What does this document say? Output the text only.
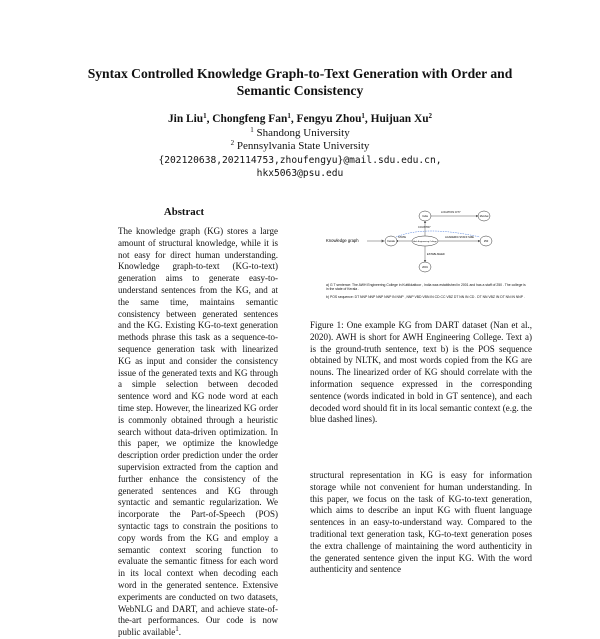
Syntax Controlled Knowledge Graph-to-Text Generation with Order and
Semantic Consistency
Jin Liu$^1$, Chongfeng Fan$^1$, Fengyu Zhou$^1$, Huijuan Xu$^2$
$^1$ Shandong University
$^2$ Pennsylvania State University
{202120638,202114753,zhoufengyu}@mail.sdu.edu.cn,
hkx5063@psu.edu
Abstract
The knowledge graph (KG) stores a large amount of structural knowledge, while it is not easy for direct human understanding. Knowledge graph-to-text (KG-to-text) generation aims to generate easy-to-understand sentences from the KG, and at the same time, maintains semantic consistency between generated sentences and the KG. Existing KG-to-text generation methods phrase this task as a sequence-to-sequence generation task with linearized KG as input and consider the consistency issue of the generated texts and KG through a simple selection between decoded sentence word and KG node word at each time step. However, the linearized KG order is commonly obtained through a heuristic search without data-driven optimization. In this paper, we optimize the knowledge description order prediction under the order supervision extracted from the caption and further enhance the consistency of the generated sentences and KG through syntactic and semantic regularization. We incorporate the Part-of-Speech (POS) syntactic tags to constrain the positions to copy words from the KG and employ a semantic context scoring function to evaluate the semantic fitness for each word in its local context when decoding each word in the generated sentence. Extensive experiments are conducted on two datasets, WebNLG and DART, and achieve state-of-the-art performances. Our code is now public available$^1$.
Knowledge graph
LOCATION CITY
COUNTRY
STATE	ACADEMIC STAFF SIZE
ESTABLISHED
India	Mumbai
Awh Engineering College
Kerala	250
2001
a) G T sentence: The AWH Engineering College in Kuttikkattoor , India was established in 2001 and has a staff of 250 . The college is in the state of Kerala .
b) POS sequence: DT NNP NNP NNP NNP IN NNP , NNP VBD VBN IN CD CC VBZ DT NN IN CD . DT NN VBZ IN DT NN IN NNP .
Figure 1: One example KG from DART dataset (Nan et al., 2020). AWH is short for AWH Engineering College. Text a) is the ground-truth sentence, text b) is the POS sequence obtained by NLTK, and most words copied from the KG are nouns. The linearized order of KG should correlate with the information sequence expressed in the corresponding sentence (words indicated in bold in GT sentence), and each decoded word should fit in its local semantic context (e.g. the blue dashed lines).
structural representation in KG is easy for information storage while not convenient for human understanding. In this paper, we focus on the task of KG-to-text generation, which aims to describe an input KG with fluent language sentences in an easy-to-understand way. Compared to the traditional text generation task, KG-to-text generation poses the extra challenge of maintaining the word authenticity in the generated sentence given the input KG. With the word authenticity and sentence
